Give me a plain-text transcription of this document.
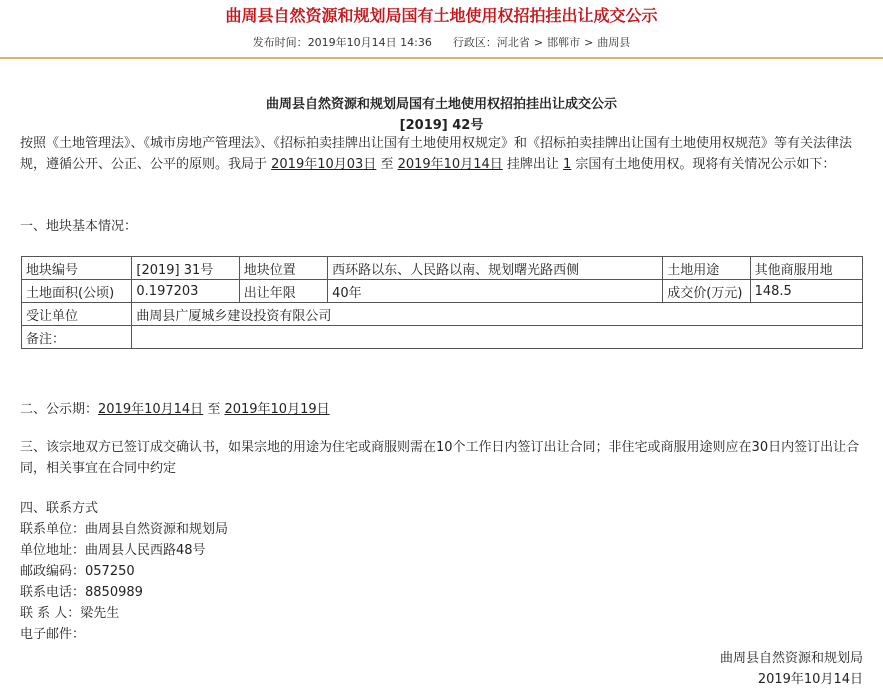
曲周县自然资源和规划局国有土地使用权招拍挂出让成交公示
发布时间：2019年10月14日 14:36 行政区：河北省 > 邯郸市 > 曲周县
曲周县自然资源和规划局国有土地使用权招拍挂出让成交公示
[2019] 42号
按照《土地管理法》、《城市房地产管理法》、《招标拍卖挂牌出让国有土地使用权规定》和《招标拍卖挂牌出让国有土地使用权规范》等有关法律法规，遵循公开、公正、公平的原则。我局于 2019年10月03日 至 2019年10月14日 挂牌出让 1 宗国有土地使用权。现将有关情况公示如下：
一、地块基本情况：
地块编号	[2019] 31号	地块位置	西环路以东、人民路以南、规划曙光路西侧	土地用途	其他商服用地
土地面积(公顷)	0.197203	出让年限	40年	成交价(万元)	148.5
受让单位	曲周县广厦城乡建设投资有限公司				
备注：					
二、公示期：2019年10月14日 至 2019年10月19日
三、该宗地双方已签订成交确认书，如果宗地的用途为住宅或商服则需在10个工作日内签订出让合同；非住宅或商服用途则应在30日内签订出让合同，相关事宜在合同中约定
四、联系方式
联系单位：曲周县自然资源和规划局
单位地址：曲周县人民西路48号
邮政编码：057250
联系电话：8850989
联 系 人：梁先生
电子邮件：
曲周县自然资源和规划局
2019年10月14日
